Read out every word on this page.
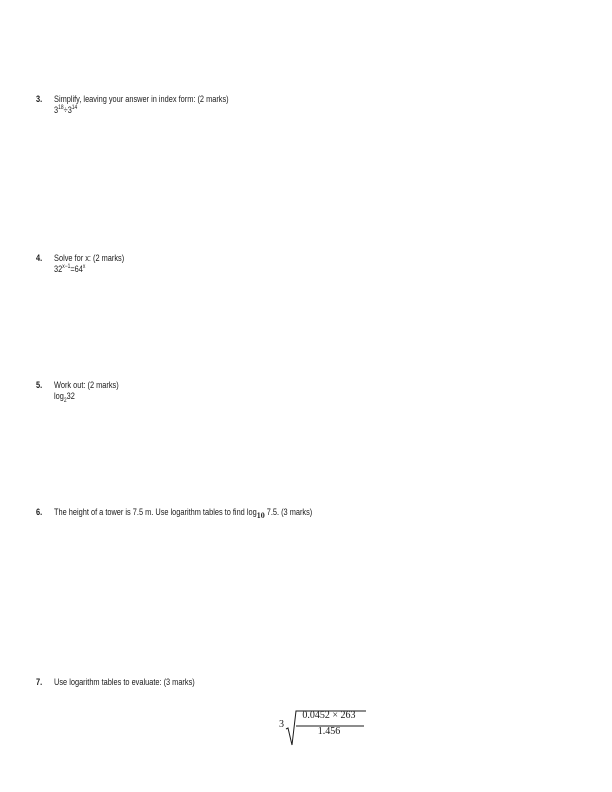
3. Simplify, leaving your answer in index form: (2 marks)
$3^{18}\div 3^{14}$
4. Solve for x: (2 marks)
$32^{x-1}=64^x$
5. Work out: (2 marks)
$\log_232$
6. The height of a tower is 7.5 m. Use logarithm tables to find $\log_{10} 7.5$. (3 marks)
7. Use logarithm tables to evaluate: (3 marks)
3
0.0452 × 263
1.456
